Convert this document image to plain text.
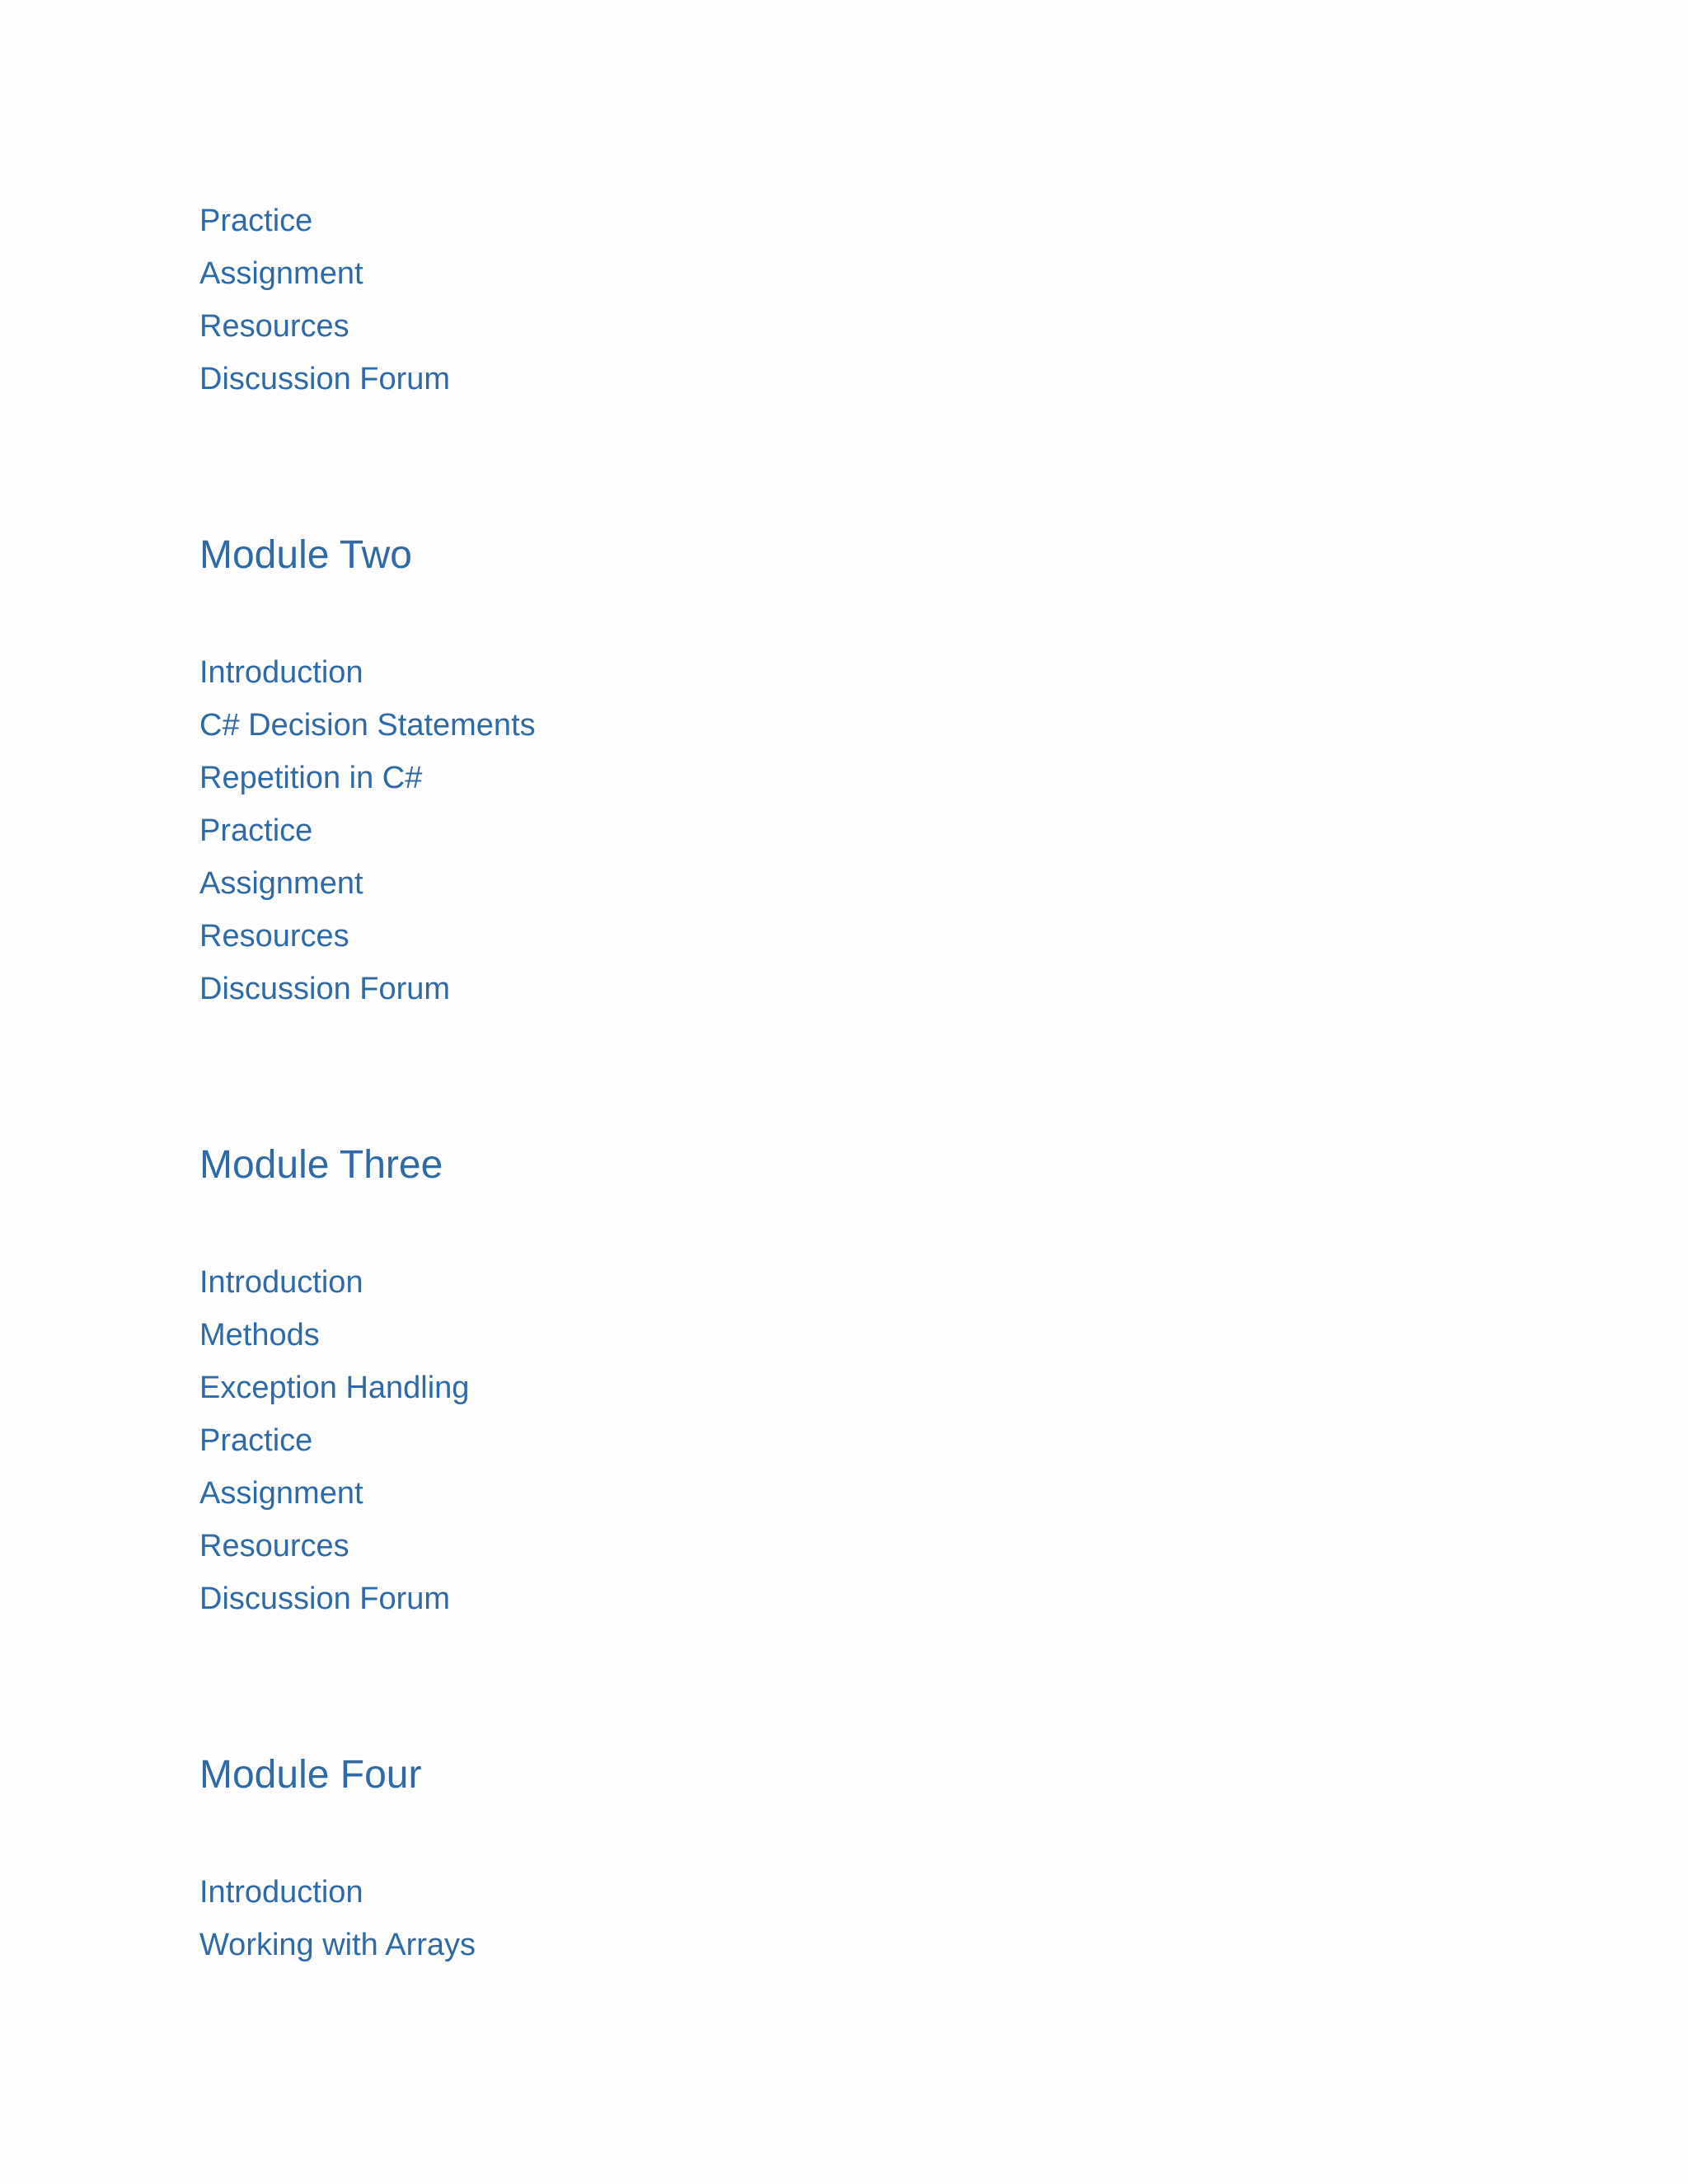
Practice
Assignment
Resources
Discussion Forum
Module Two
Introduction
C# Decision Statements
Repetition in C#
Practice
Assignment
Resources
Discussion Forum
Module Three
Introduction
Methods
Exception Handling
Practice
Assignment
Resources
Discussion Forum
Module Four
Introduction
Working with Arrays
